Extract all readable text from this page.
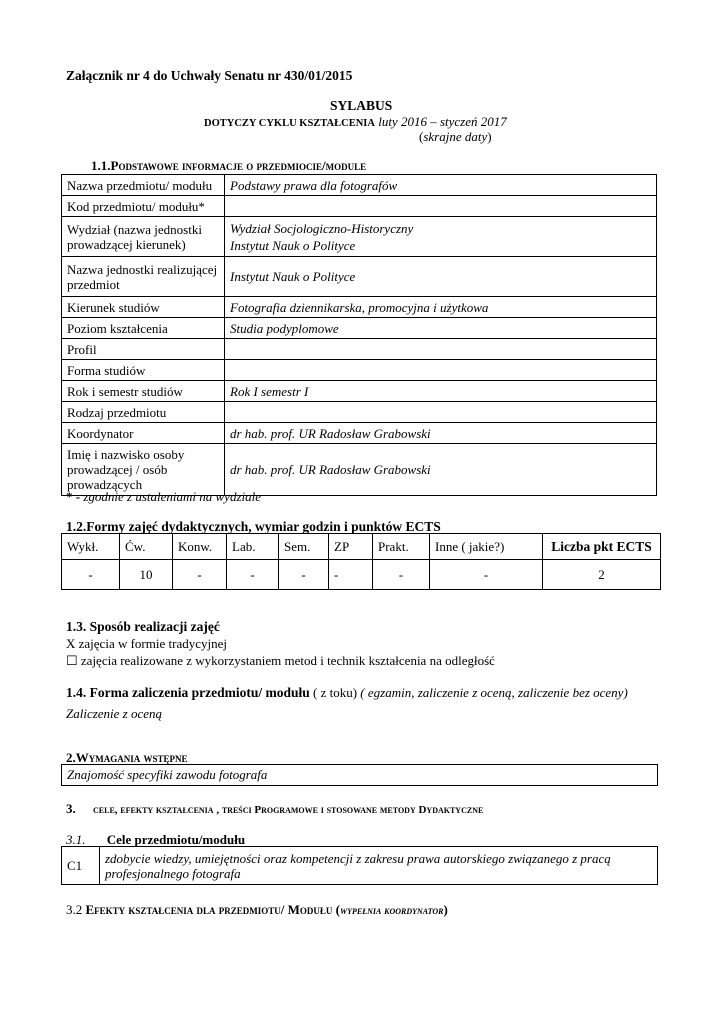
Załącznik nr 4 do Uchwały Senatu nr 430/01/2015
SYLABUS
DOTYCZY CYKLU KSZTAŁCENIA luty 2016 – styczeń 2017
(skrajne daty)
1.1.Podstawowe informacje o przedmiocie/module
Nazwa przedmiotu/ modułu	Podstawy prawa dla fotografów
Kod przedmiotu/ modułu*	
Wydział (nazwa jednostki prowadzącej kierunek)	Wydział Socjologiczno-Historyczny
Instytut Nauk o Polityce

Nazwa jednostki realizującej przedmiot	Instytut Nauk o Polityce
Kierunek studiów	Fotografia dziennikarska, promocyjna i użytkowa
Poziom kształcenia	Studia podyplomowe
Profil	
Forma studiów	
Rok i semestr studiów	Rok I semestr I
Rodzaj przedmiotu	
Koordynator	dr hab. prof. UR Radosław Grabowski
Imię i nazwisko osoby prowadzącej / osób prowadzących	dr hab. prof. UR Radosław Grabowski
* - zgodnie z ustaleniami na wydziale
1.2.Formy zajęć dydaktycznych, wymiar godzin i punktów ECTS
Wykł.	Ćw.	Konw.	Lab.	Sem.	ZP	Prakt.	Inne ( jakie?)	Liczba pkt ECTS
-	10	-	-	-	-	-	-	2
1.3. Sposób realizacji zajęć
X zajęcia w formie tradycyjnej
☐ zajęcia realizowane z wykorzystaniem metod i technik kształcenia na odległość
1.4. Forma zaliczenia przedmiotu/ modułu ( z toku) ( egzamin, zaliczenie z oceną, zaliczenie bez oceny)
Zaliczenie z oceną
2.Wymagania wstępne
Znajomość specyfiki zawodu fotografa
3. cele, efekty kształcenia , treści Programowe i stosowane metody Dydaktyczne
3.1. Cele przedmiotu/modułu
C1	zdobycie wiedzy, umiejętności oraz kompetencji z zakresu prawa autorskiego związanego z pracą profesjonalnego fotografa
3.2 Efekty kształcenia dla przedmiotu/ Modułu (wypełnia koordynator)
